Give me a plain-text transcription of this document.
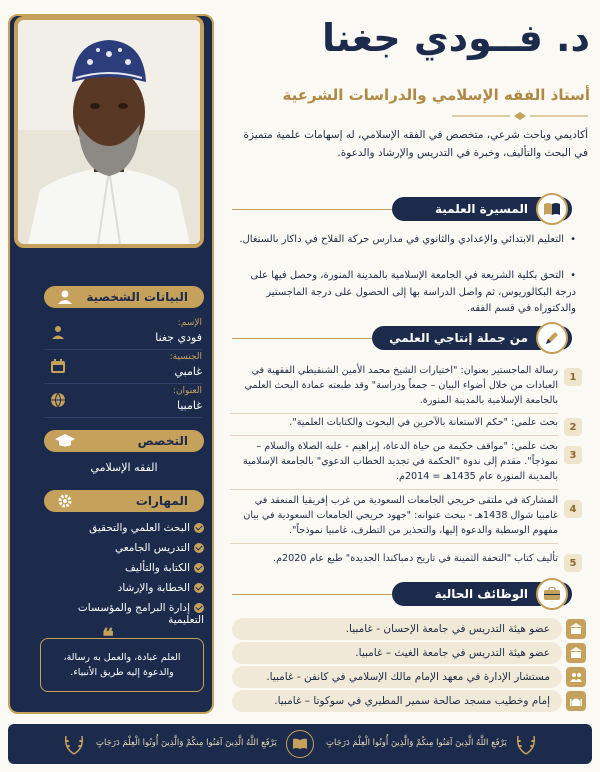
البيانات الشخصية
الإسم:
فودي جغنا
الجنسية:
غامبي
العنوان:
غامبيا
التخصص
الفقه الإسلامي
المهارات
البحث العلمي والتحقيق
التدريس الجامعي
الكتابة والتأليف
الخطابة والإرشاد
إدارة البرامج والمؤسسات التعليمية
❝
العلم عبادة، والعمل به رسالة، والدعوة إليه طريق الأنبياء.
د. فــودي جغنا
أستاذ الفقه الإسلامي والدراسات الشرعية
أكاديمي وباحث شرعي، متخصص في الفقه الإسلامي، له إسهامات علمية متميزة في البحث والتأليف، وخبرة في التدريس والإرشاد والدعوة.
المسيرة العلمية
• التعليم الابتدائي والإعدادي والثانوي في مدارس حركة الفلاح في داكار بالسنغال.
• التحق بكلية الشريعة في الجامعة الإسلامية بالمدينة المنورة، وحصل فيها على درجة البكالوريوس، ثم واصل الدراسة بها إلى الحصول على درجة الماجستير والدكتوراه في قسم الفقه.
من جملة إنتاجي العلمي
1
رسالة الماجستير بعنوان: "اختيارات الشيخ محمد الأمين الشنقيطي الفقهية في العبادات من خلال أضواء البيان – جمعاً ودراسة" وقد طبعته عمادة البحث العلمي بالجامعة الإسلامية بالمدينة المنورة.
2
بحث علمي: "حكم الاستعانة بالآخرين في البحوث والكتابات العلمية".
3
بحث علمي: "مواقف حكيمة من حياة الدعاة، إبراهيم - عليه الصلاة والسلام – نموذجاً". مقدم إلى ندوة "الحكمة في تجديد الخطاب الدعوي" بالجامعة الإسلامية بالمدينة المنورة عام 1435هـ = 2014م.
4
المشاركة في ملتقى خريجي الجامعات السعودية من غرب إفريقيا المنعقد في غامبيا شوال 1438هـ - ببحث عنوانه: "جهود خريجي الجامعات السعودية في بيان مفهوم الوسطية والدعوة إليها، والتحذير من التطرف، غامبيا نموذجاً".
5
تأليف كتاب "التحفة الثمينة في تاريخ دمباكندا الجديدة" طبع عام 2020م.
الوظائف الحالية
عضو هيئة التدريس في جامعة الإحسان - غامبيا.
عضو هيئة التدريس في جامعة الغيث – غامبيا.
مستشار الإدارة في معهد الإمام مالك الإسلامي في كانفن - غامبيا.
إمام وخطيب مسجد صالحة سمير المطيري في سوكوتا – غامبيا.
يَرْفَعِ اللَّهُ الَّذِينَ آمَنُوا مِنكُمْ وَالَّذِينَ أُوتُوا الْعِلْمَ دَرَجَاتٍ	يَرْفَعِ اللَّهُ الَّذِينَ آمَنُوا مِنكُمْ وَالَّذِينَ أُوتُوا الْعِلْمَ دَرَجَاتٍ
